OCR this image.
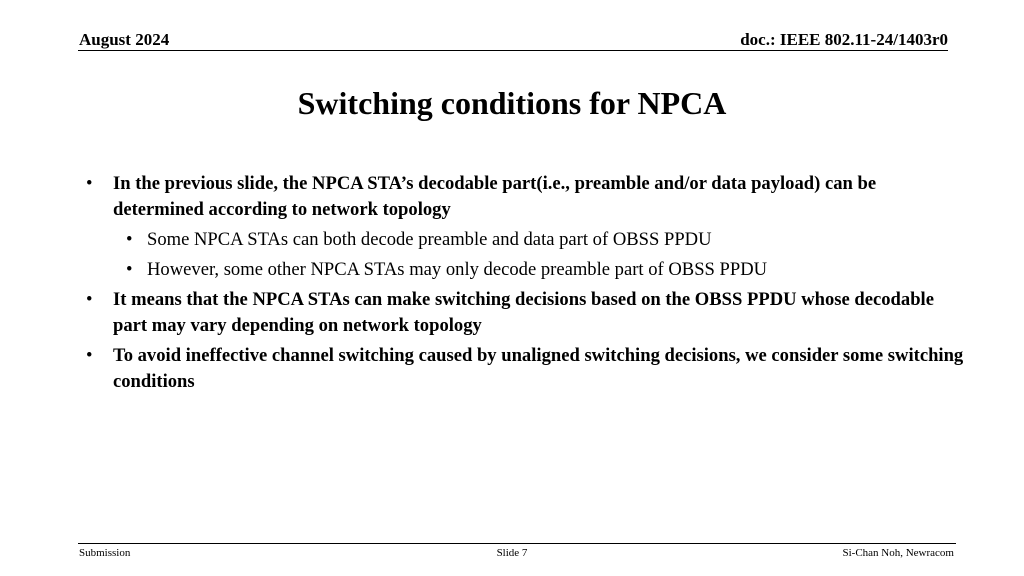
August 2024	doc.: IEEE 802.11-24/1403r0
Switching conditions for NPCA
• In the previous slide, the NPCA STA’s decodable part(i.e., preamble and/or data payload) can be determined according to network topology
• Some NPCA STAs can both decode preamble and data part of OBSS PPDU
• However, some other NPCA STAs may only decode preamble part of OBSS PPDU
• It means that the NPCA STAs can make switching decisions based on the OBSS PPDU whose decodable part may vary depending on network topology
• To avoid ineffective channel switching caused by unaligned switching decisions, we consider some switching conditions
Submission	Slide 7	Si-Chan Noh, Newracom
